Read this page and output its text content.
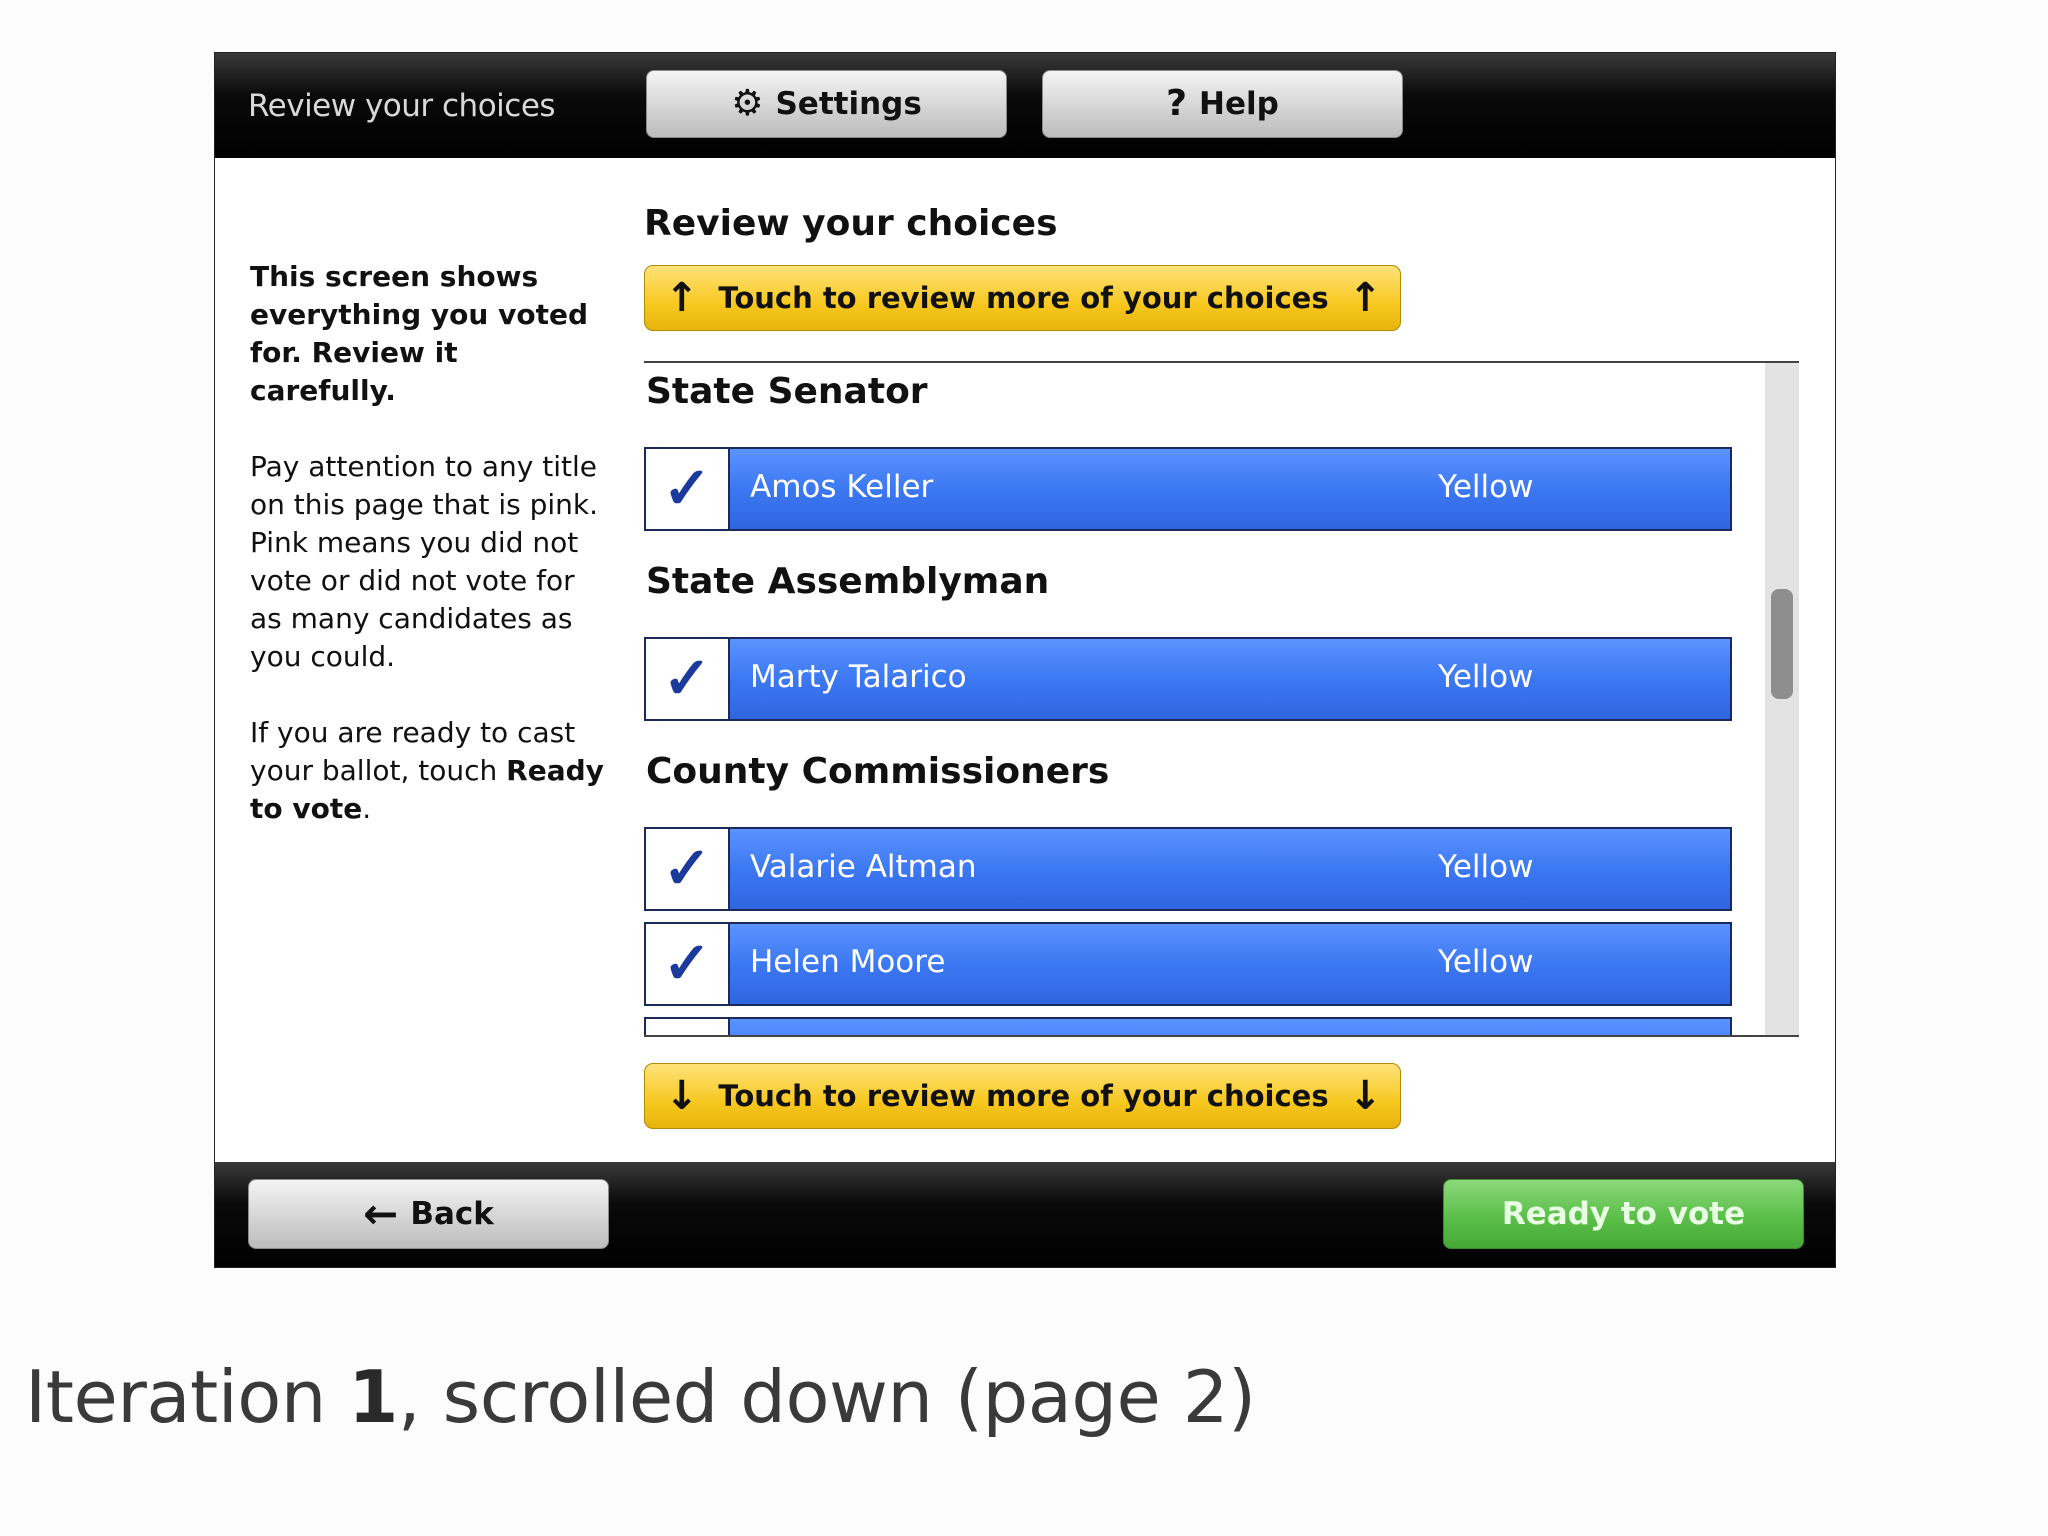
Review your choices	⚙ Settings	? Help

This screen shows everything you voted for. Review it carefully.

Pay attention to any title on this page that is pink. Pink means you did not vote or did not vote for as many candidates as you could.

If you are ready to cast your ballot, touch Ready to vote.

Review your choices
↑ Touch to review more of your choices ↑
State Senator
✓	Amos Keller	Yellow
State Assemblyman
✓	Marty Talarico	Yellow
County Commissioners
✓	Valarie Altman	Yellow
✓	Helen Moore	Yellow
↓ Touch to review more of your choices ↓
← Back	Ready to vote
Iteration 1, scrolled down (page 2)
